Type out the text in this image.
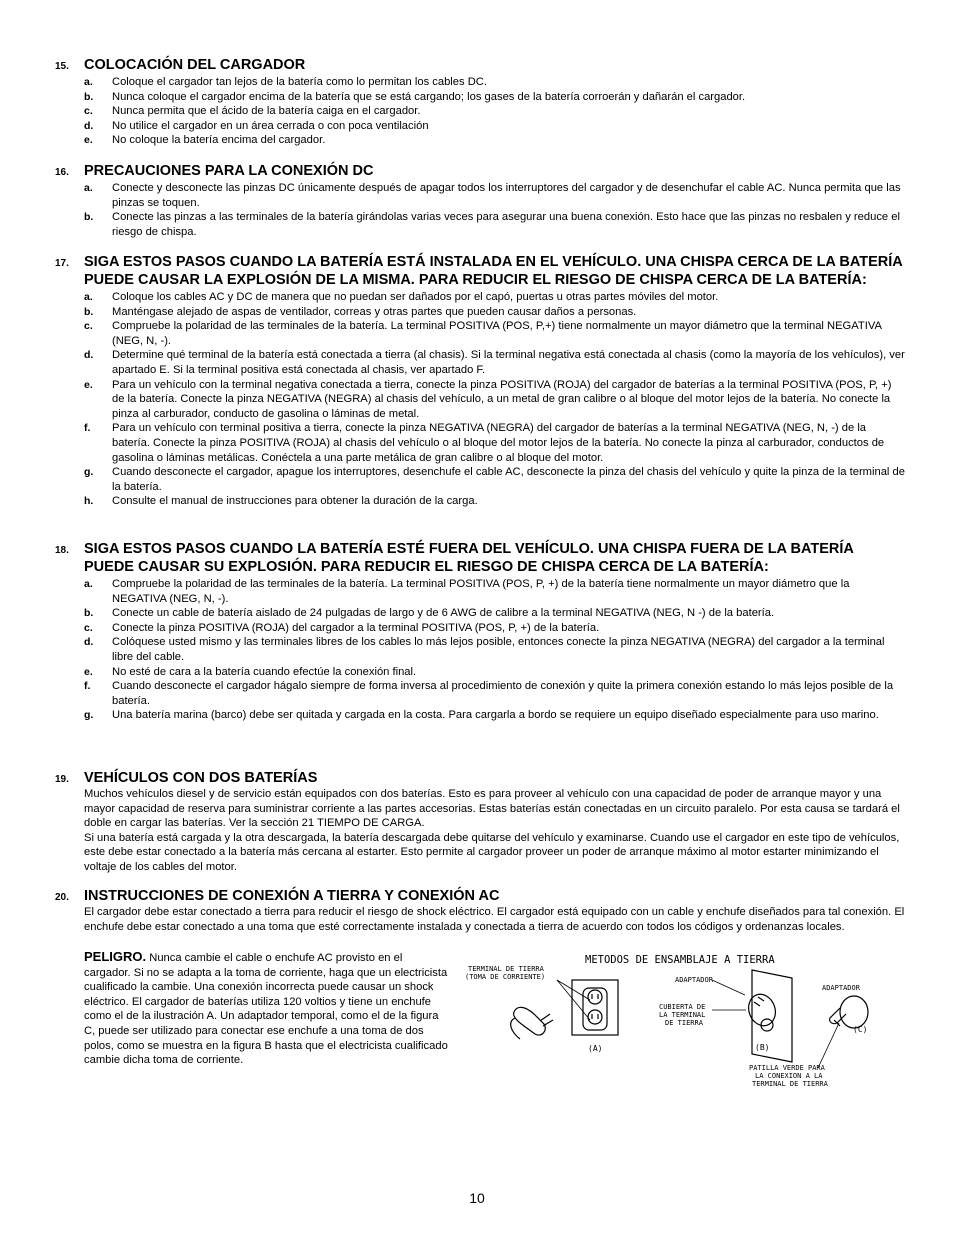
15. COLOCACIÓN DEL CARGADOR
a. Coloque el cargador tan lejos de la batería como lo permitan los cables DC.
b. Nunca coloque el cargador encima de la batería que se está cargando; los gases de la batería corroerán y dañarán el cargador.
c. Nunca permita que el ácido de la batería caiga en el cargador.
d. No utilice el cargador en un área cerrada o con poca ventilación
e. No coloque la batería encima del cargador.
16. PRECAUCIONES PARA LA CONEXIÓN DC
a. Conecte y desconecte las pinzas DC únicamente después de apagar todos los interruptores del cargador y de desenchufar el cable AC. Nunca permita que las pinzas se toquen.
b. Conecte las pinzas a las terminales de la batería girándolas varias veces para asegurar una buena conexión. Esto hace que las pinzas no resbalen y reduce el riesgo de chispa.
17. SIGA ESTOS PASOS CUANDO LA BATERÍA ESTÁ INSTALADA EN EL VEHÍCULO. UNA CHISPA CERCA DE LA BATERÍA PUEDE CAUSAR LA EXPLOSIÓN DE LA MISMA. PARA REDUCIR EL RIESGO DE CHISPA CERCA DE LA BATERÍA:
a. Coloque los cables AC y DC de manera que no puedan ser dañados por el capó, puertas u otras partes móviles del motor.
b. Manténgase alejado de aspas de ventilador, correas y otras partes que pueden causar daños a personas.
c. Compruebe la polaridad de las terminales de la batería. La terminal POSITIVA (POS, P,+) tiene normalmente un mayor diámetro que la terminal NEGATIVA (NEG, N, -).
d. Determine qué terminal de la batería está conectada a tierra (al chasis). Si la terminal negativa está conectada al chasis (como la mayoría de los vehículos), ver apartado E. Si la terminal positiva está conectada al chasis, ver apartado F.
e. Para un vehículo con la terminal negativa conectada a tierra, conecte la pinza POSITIVA (ROJA) del cargador de baterías a la terminal POSITIVA (POS, P, +) de la batería. Conecte la pinza NEGATIVA (NEGRA) al chasis del vehículo, a un metal de gran calibre o al bloque del motor lejos de la batería. No conecte la pinza al carburador, conducto de gasolina o láminas de metal.
f. Para un vehículo con terminal positiva a tierra, conecte la pinza NEGATIVA (NEGRA) del cargador de baterías a la terminal NEGATIVA (NEG, N, -) de la batería. Conecte la pinza POSITIVA (ROJA) al chasis del vehículo o al bloque del motor lejos de la batería. No conecte la pinza al carburador, conductos de gasolina o láminas metálicas. Conéctela a una parte metálica de gran calibre o al bloque del motor.
g. Cuando desconecte el cargador, apague los interruptores, desenchufe el cable AC, desconecte la pinza del chasis del vehículo y quite la pinza de la terminal de la batería.
h. Consulte el manual de instrucciones para obtener la duración de la carga.
18. SIGA ESTOS PASOS CUANDO LA BATERÍA ESTÉ FUERA DEL VEHÍCULO. UNA CHISPA FUERA DE LA BATERÍA PUEDE CAUSAR SU EXPLOSIÓN. PARA REDUCIR EL RIESGO DE CHISPA CERCA DE LA BATERÍA:
a. Compruebe la polaridad de las terminales de la batería. La terminal POSITIVA (POS, P, +) de la batería tiene normalmente un mayor diámetro que la NEGATIVA (NEG, N, -).
b. Conecte un cable de batería aislado de 24 pulgadas de largo y de 6 AWG de calibre a la terminal NEGATIVA (NEG, N -) de la batería.
c. Conecte la pinza POSITIVA (ROJA) del cargador a la terminal POSITIVA (POS, P, +) de la batería.
d. Colóquese usted mismo y las terminales libres de los cables lo más lejos posible, entonces conecte la pinza NEGATIVA (NEGRA) del cargador a la terminal libre del cable.
e. No esté de cara a la batería cuando efectúe la conexión final.
f. Cuando desconecte el cargador hágalo siempre de forma inversa al procedimiento de conexión y quite la primera conexión estando lo más lejos posible de la batería.
g. Una batería marina (barco) debe ser quitada y cargada en la costa. Para cargarla a bordo se requiere un equipo diseñado especialmente para uso marino.
19. VEHÍCULOS CON DOS BATERÍAS
Muchos vehículos diesel y de servicio están equipados con dos baterías. Esto es para proveer al vehículo con una capacidad de poder de arranque mayor y una mayor capacidad de reserva para suministrar corriente a las partes accesorias. Estas baterías están conectadas en un circuito paralelo. Por esta causa se tardará el doble en cargar las baterías. Ver la sección 21 TIEMPO DE CARGA.
Si una batería está cargada y la otra descargada, la batería descargada debe quitarse del vehículo y examinarse. Cuando use el cargador en este tipo de vehículos, este debe estar conectado a la batería más cercana al estarter. Esto permite al cargador proveer un poder de arranque máximo al motor estarter minimizando el voltaje de los cables del motor.
20. INSTRUCCIONES DE CONEXIÓN A TIERRA Y CONEXIÓN AC
El cargador debe estar conectado a tierra para reducir el riesgo de shock eléctrico. El cargador está equipado con un cable y enchufe diseñados para tal conexión. El enchufe debe estar conectado a una toma que esté correctamente instalada y conectada a tierra de acuerdo con todos los códigos y ordenanzas locales.
PELIGRO. Nunca cambie el cable o enchufe AC provisto en el cargador. Si no se adapta a la toma de corriente, haga que un electricista cualificado la cambie. Una conexión incorrecta puede causar un shock eléctrico. El cargador de baterías utiliza 120 voltios y tiene un enchufe como el de la ilustración A. Un adaptador temporal, como el de la figura C, puede ser utilizado para conectar ese enchufe a una toma de dos polos, como se muestra en la figura B hasta que el electricista cualificado cambie dicha toma de corriente.
METODOS DE ENSAMBLAJE A TIERRA
TERMINAL DE TIERRA
(TOMA DE CORRIENTE)
(A)
CUBIERTA DE
LA TERMINAL
DE TIERRA
ADAPTADOR
(B)
ADAPTADOR
(C)
PATILLA VERDE PARA
LA CONEXION A LA
TERMINAL DE TIERRA
10
